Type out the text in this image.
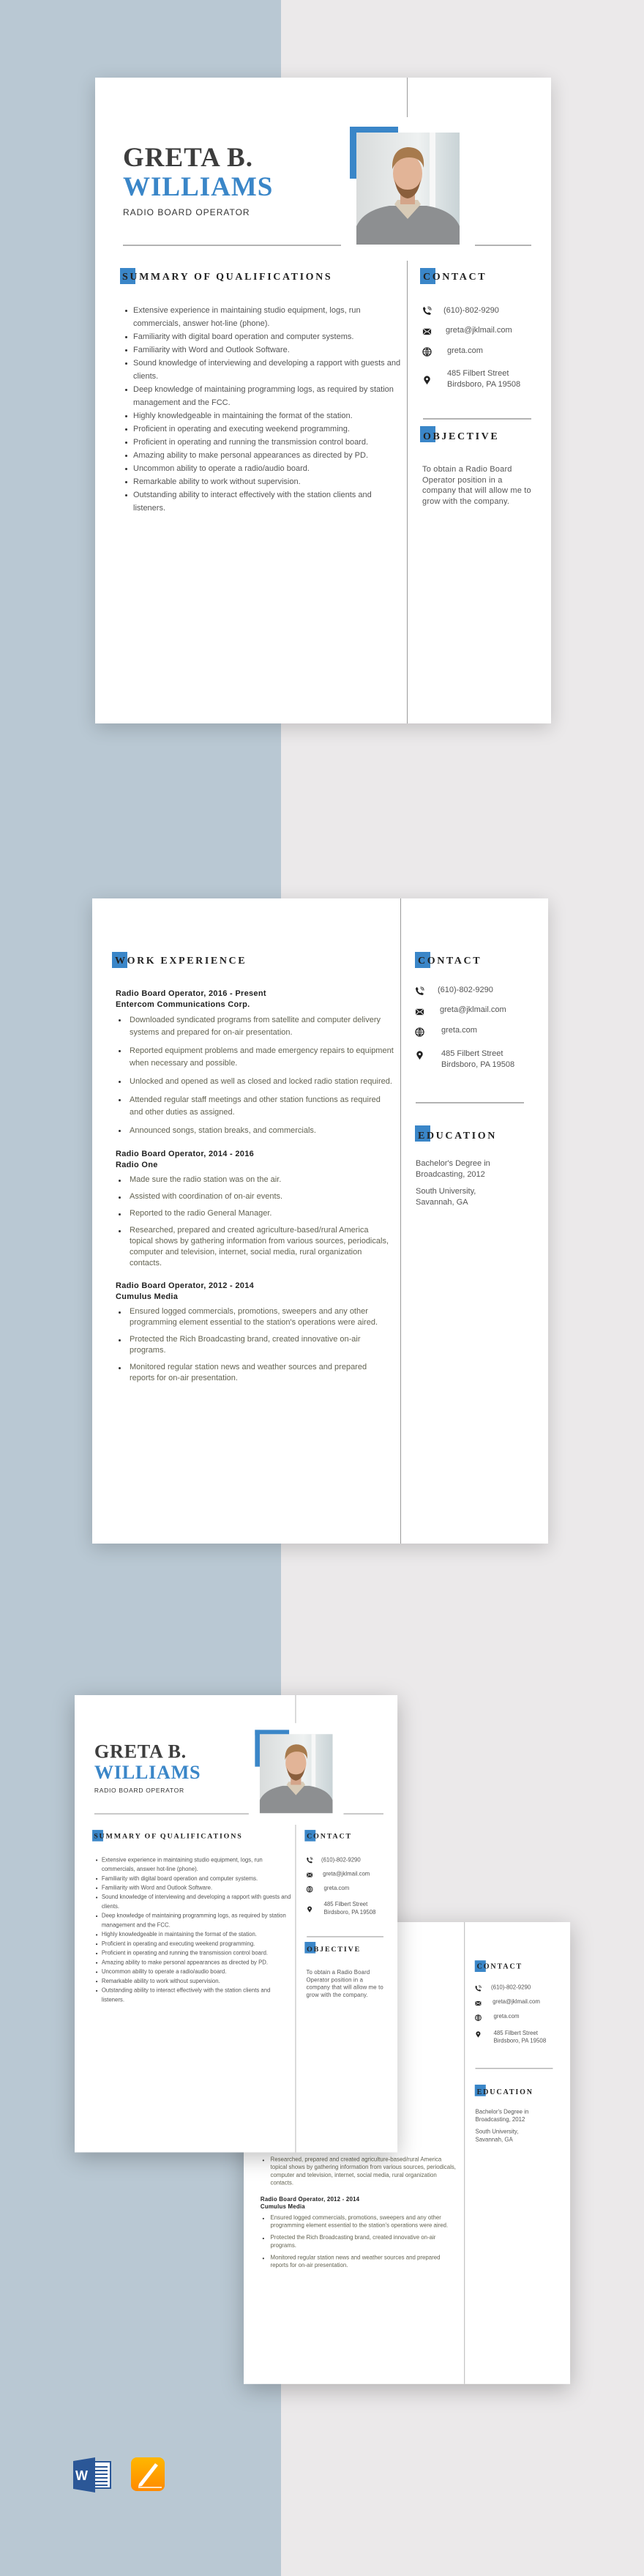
GRETA B.
WILLIAMS
RADIO BOARD OPERATOR
SUMMARY OF QUALIFICATIONS
Extensive experience in maintaining studio equipment, logs, run commercials, answer hot-line (phone).
Familiarity with digital board operation and computer systems.
Familiarity with Word and Outlook Software.
Sound knowledge of interviewing and developing a rapport with guests and clients.
Deep knowledge of maintaining programming logs, as required by station management and the FCC.
Highly knowledgeable in maintaining the format of the station.
Proficient in operating and executing weekend programming.
Proficient in operating and running the transmission control board.
Amazing ability to make personal appearances as directed by PD.
Uncommon ability to operate a radio/audio board.
Remarkable ability to work without supervision.
Outstanding ability to interact effectively with the station clients and listeners.
CONTACT
(610)-802-9290
greta@jklmail.com
greta.com
485 Filbert Street
Birdsboro, PA 19508
OBJECTIVE
To obtain a Radio Board Operator position in a company that will allow me to grow with the company.
WORK EXPERIENCE
Radio Board Operator, 2016 - Present
Entercom Communications Corp.
Downloaded syndicated programs from satellite and computer delivery systems and prepared for on-air presentation.
Reported equipment problems and made emergency repairs to equipment when necessary and possible.
Unlocked and opened as well as closed and locked radio station required.
Attended regular staff meetings and other station functions as required and other duties as assigned.
Announced songs, station breaks, and commercials.
Radio Board Operator, 2014 - 2016
Radio One
Made sure the radio station was on the air.
Assisted with coordination of on-air events.
Reported to the radio General Manager.
Researched, prepared and created agriculture-based/rural America topical shows by gathering information from various sources, periodicals, computer and television, internet, social media, rural organization contacts.
Radio Board Operator, 2012 - 2014
Cumulus Media
Ensured logged commercials, promotions, sweepers and any other programming element essential to the station's operations were aired.
Protected the Rich Broadcasting brand, created innovative on-air programs.
Monitored regular station news and weather sources and prepared reports for on-air presentation.
CONTACT
(610)-802-9290
greta@jklmail.com
greta.com
485 Filbert Street
Birdsboro, PA 19508
EDUCATION
Bachelor's Degree in
Broadcasting, 2012
South University,
Savannah, GA
Researched, prepared and created agriculture-based/rural America topical shows by gathering information from various sources, periodicals, computer and television, internet, social media, rural organization contacts.
Radio Board Operator, 2012 - 2014
Cumulus Media
Ensured logged commercials, promotions, sweepers and any other programming element essential to the station's operations were aired.
Protected the Rich Broadcasting brand, created innovative on-air programs.
Monitored regular station news and weather sources and prepared reports for on-air presentation.
CONTACT
(610)-802-9290
greta@jklmail.com
greta.com
485 Filbert Street
Birdsboro, PA 19508
EDUCATION
Bachelor's Degree in
Broadcasting, 2012
South University,
Savannah, GA
GRETA B.
WILLIAMS
RADIO BOARD OPERATOR
SUMMARY OF QUALIFICATIONS
Extensive experience in maintaining studio equipment, logs, run commercials, answer hot-line (phone).
Familiarity with digital board operation and computer systems.
Familiarity with Word and Outlook Software.
Sound knowledge of interviewing and developing a rapport with guests and clients.
Deep knowledge of maintaining programming logs, as required by station management and the FCC.
Highly knowledgeable in maintaining the format of the station.
Proficient in operating and executing weekend programming.
Proficient in operating and running the transmission control board.
Amazing ability to make personal appearances as directed by PD.
Uncommon ability to operate a radio/audio board.
Remarkable ability to work without supervision.
Outstanding ability to interact effectively with the station clients and listeners.
CONTACT
(610)-802-9290
greta@jklmail.com
greta.com
485 Filbert Street
Birdsboro, PA 19508
OBJECTIVE
To obtain a Radio Board Operator position in a company that will allow me to grow with the company.
W
